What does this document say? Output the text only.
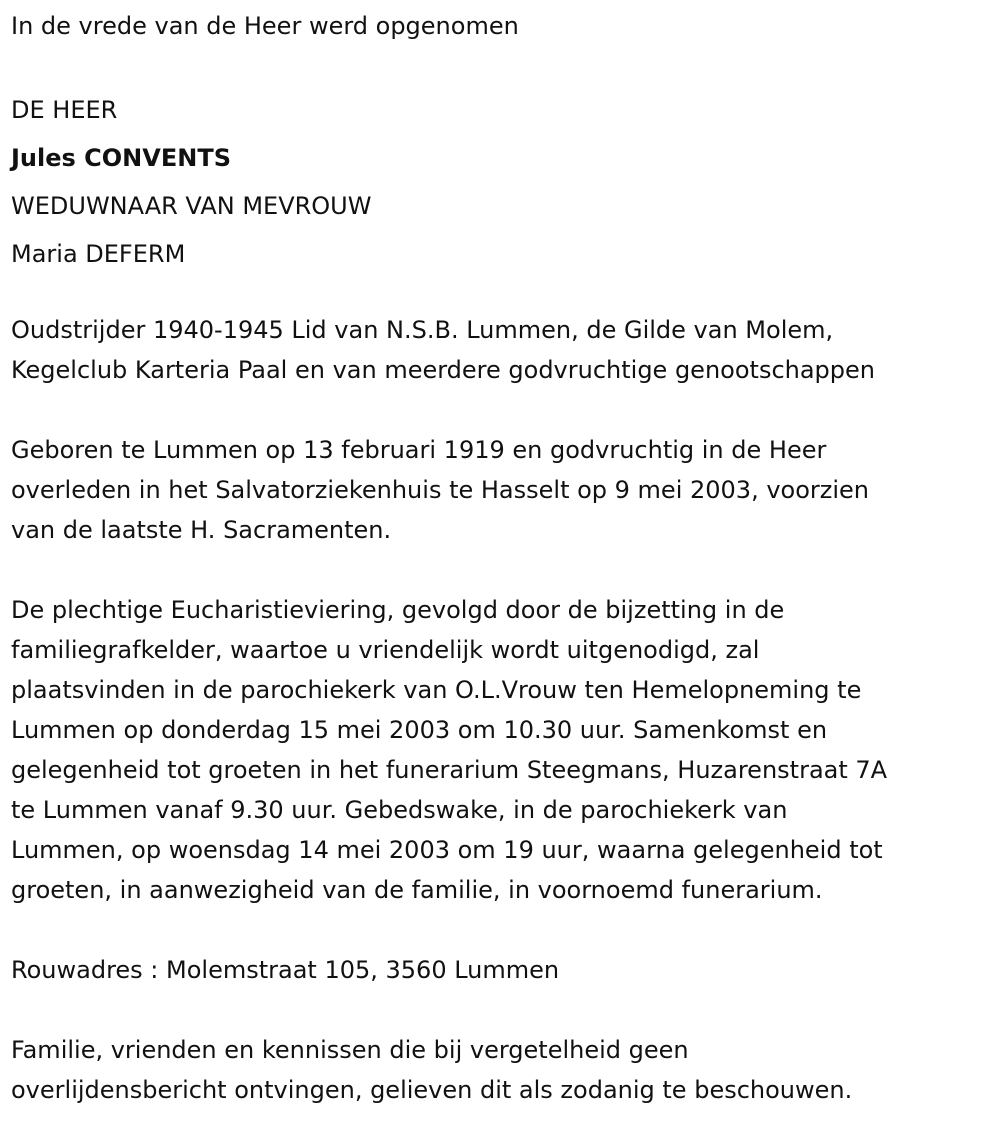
In de vrede van de Heer werd opgenomen

DE HEER

Jules CONVENTS

WEDUWNAAR VAN MEVROUW

Maria DEFERM

Oudstrijder 1940-1945 Lid van N.S.B. Lummen, de Gilde van Molem,
Kegelclub Karteria Paal en van meerdere godvruchtige genootschappen

Geboren te Lummen op 13 februari 1919 en godvruchtig in de Heer
overleden in het Salvatorziekenhuis te Hasselt op 9 mei 2003, voorzien
van de laatste H. Sacramenten.

De plechtige Eucharistieviering, gevolgd door de bijzetting in de
familiegrafkelder, waartoe u vriendelijk wordt uitgenodigd, zal
plaatsvinden in de parochiekerk van O.L.Vrouw ten Hemelopneming te
Lummen op donderdag 15 mei 2003 om 10.30 uur. Samenkomst en
gelegenheid tot groeten in het funerarium Steegmans, Huzarenstraat 7A
te Lummen vanaf 9.30 uur. Gebedswake, in de parochiekerk van
Lummen, op woensdag 14 mei 2003 om 19 uur, waarna gelegenheid tot
groeten, in aanwezigheid van de familie, in voornoemd funerarium.

Rouwadres : Molemstraat 105, 3560 Lummen

Familie, vrienden en kennissen die bij vergetelheid geen
overlijdensbericht ontvingen, gelieven dit als zodanig te beschouwen.
